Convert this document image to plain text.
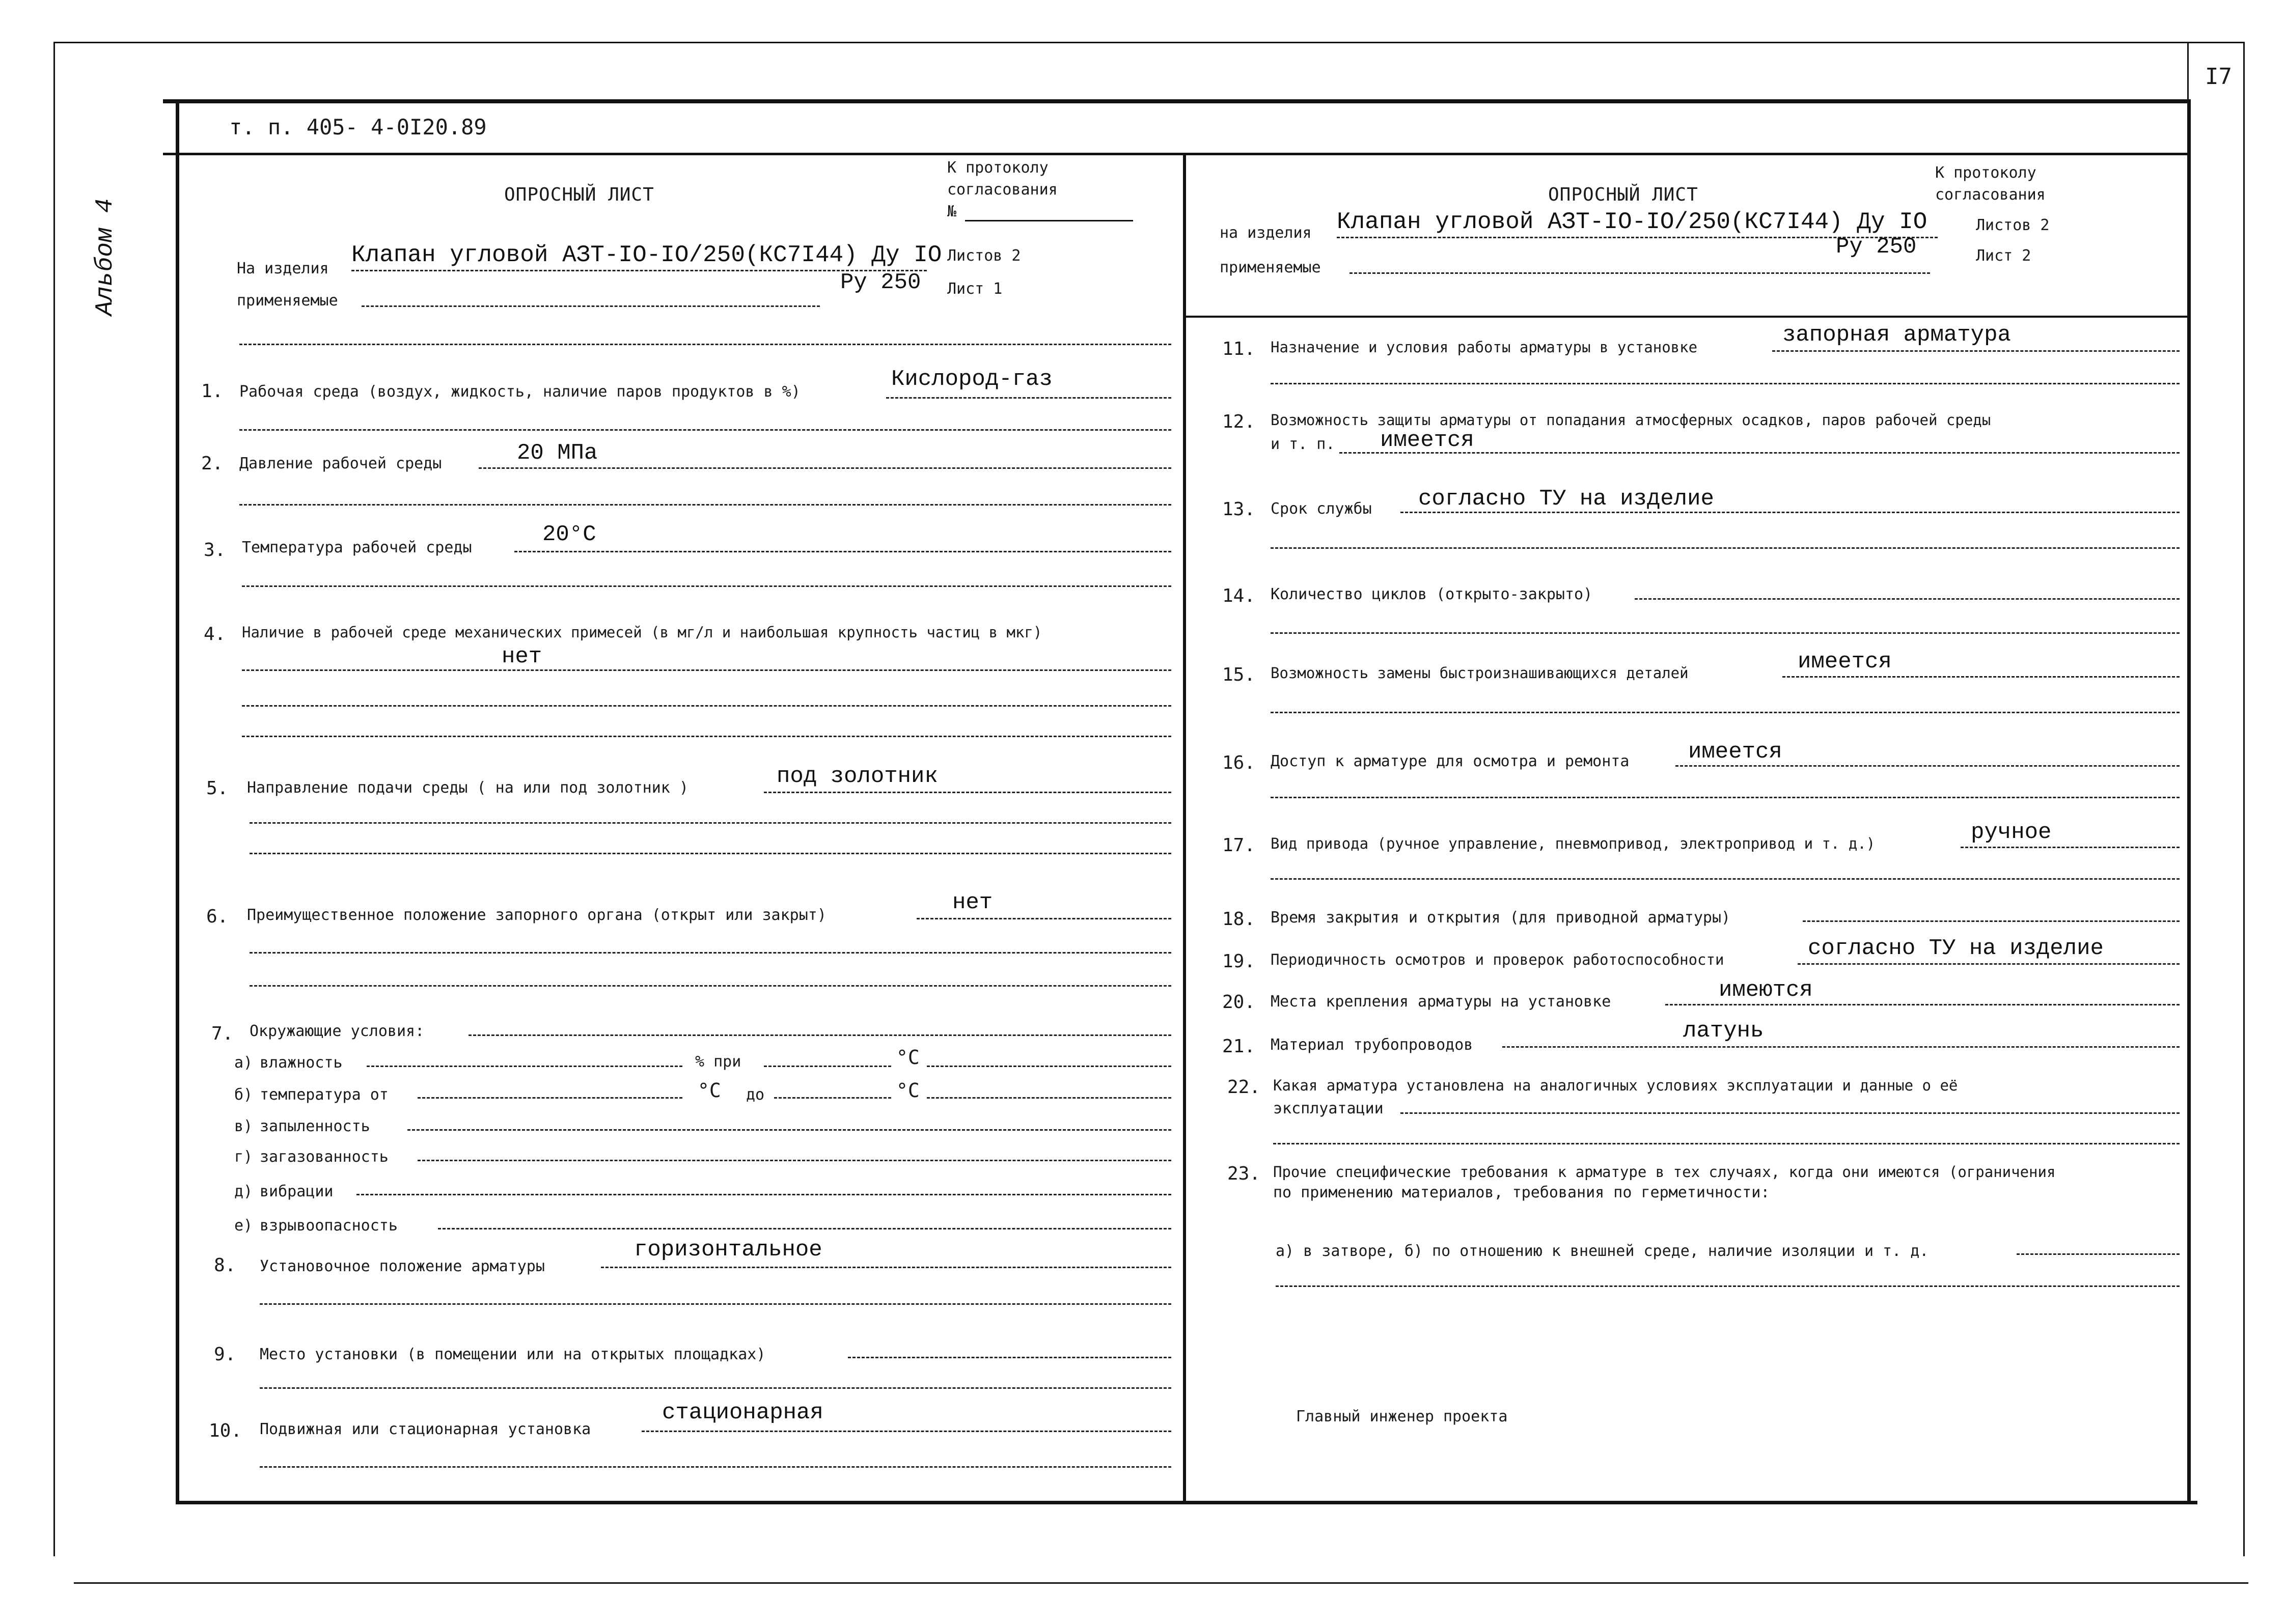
I7
т. п. 405- 4-0I20.89
Альбом 4
ОПРОСНЫЙ ЛИСТ
К протоколу
согласования
№
Листов 2
Лист 1
На изделия
Клапан угловой АЗТ-IО-IО/250(КС7I44) Ду IО
Ру 250
применяемые
1. Рабочая среда (воздух, жидкость, наличие паров продуктов в %)	Кислород-газ
2. Давление рабочей среды	20 МПа
3. Температура рабочей среды
20°С
4. Наличие в рабочей среде механических примесей (в мг/л и наибольшая крупность частиц в мкг)
нет
5. Направление подачи среды ( на или под золотник )	под золотник
6. Преимущественное положение запорного органа (открыт или закрыт)	нет
7. Окружающие условия:
а) влажность	% при	°С
б) температура от	°С до	°С
в) запыленность
г) загазованность
д) вибрации
е) взрывоопасность
8. Установочное положение арматуры
горизонтальное
9. Место установки (в помещении или на открытых площадках)
10. Подвижная или стационарная установка
стационарная
ОПРОСНЫЙ ЛИСТ
К протоколу
согласования
Листов 2
Лист 2
на изделия Клапан угловой АЗТ-IО-IО/250(КС7I44) Ду IО
Ру 250
применяемые
11. Назначение и условия работы арматуры в установке	запорная арматура
12. Возможность защиты арматуры от попадания атмосферных осадков, паров рабочей среды
и т. п. имеется
13. Срок службы согласно ТУ на изделие
14. Количество циклов (открыто-закрыто)
15. Возможность замены быстроизнашивающихся деталей	имеется
16. Доступ к арматуре для осмотра и ремонта	имеется
17. Вид привода (ручное управление, пневмопривод, электропривод и т. д.)	ручное
18. Время закрытия и открытия (для приводной арматуры)
19. Периодичность осмотров и проверок работоспособности	согласно ТУ на изделие
20. Места крепления арматуры на установке	имеются
21. Материал трубопроводов
латунь
22. Какая арматура установлена на аналогичных условиях эксплуатации и данные о её
эксплуатации
23. Прочие специфические требования к арматуре в тех случаях, когда они имеются (ограничения
по применению материалов, требования по герметичности:
а) в затворе, б) по отношению к внешней среде, наличие изоляции и т. д.
Главный инженер проекта
